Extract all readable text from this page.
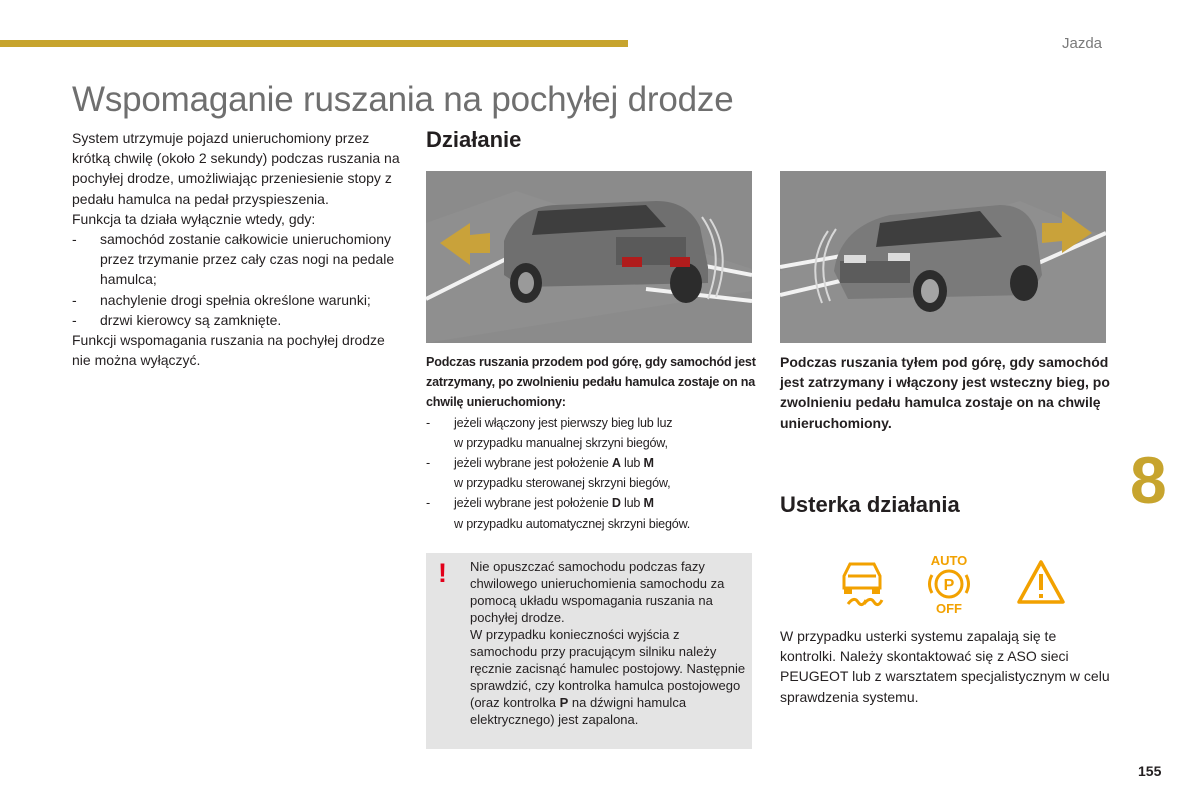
Jazda
Wspomaganie ruszania na pochyłej drodze

System utrzymuje pojazd unieruchomiony przez krótką chwilę (około 2 sekundy) podczas ruszania na pochyłej drodze, umożliwiając przeniesienie stopy z pedału hamulca na pedał przyspieszenia.

Funkcja ta działa wyłącznie wtedy, gdy:

-	samochód zostanie całkowicie unieruchomiony przez trzymanie przez cały czas nogi na pedale hamulca;
-	nachylenie drogi spełnia określone warunki;
-	drzwi kierowcy są zamknięte.

Funkcji wspomagania ruszania na pochyłej drodze nie można wyłączyć.

Działanie

Podczas ruszania przodem pod górę, gdy samochód jest zatrzymany, po zwolnieniu pedału hamulca zostaje on na chwilę unieruchomiony:

-	jeżeli włączony jest pierwszy bieg lub luz
w przypadku manualnej skrzyni biegów,
-	jeżeli wybrane jest położenie A lub M
w przypadku sterowanej skrzyni biegów,
-	jeżeli wybrane jest położenie D lub M
w przypadku automatycznej skrzyni biegów.
Podczas ruszania tyłem pod górę, gdy samochód jest zatrzymany i włączony jest wsteczny bieg, po zwolnieniu pedału hamulca zostaje on na chwilę unieruchomiony.
! Nie opuszczać samochodu podczas fazy chwilowego unieruchomienia samochodu za pomocą układu wspomagania ruszania na pochyłej drodze.

W przypadku konieczności wyjścia z samochodu przy pracującym silniku należy ręcznie zacisnąć hamulec postojowy. Następnie sprawdzić, czy kontrolka hamulca postojowego (oraz kontrolka P na dźwigni hamulca elektrycznego) jest zapalona.

8
Usterka działania
AUTO
P
OFF
W przypadku usterki systemu zapalają się te kontrolki. Należy skontaktować się z ASO sieci PEUGEOT lub z warsztatem specjalistycznym w celu sprawdzenia systemu.
155
